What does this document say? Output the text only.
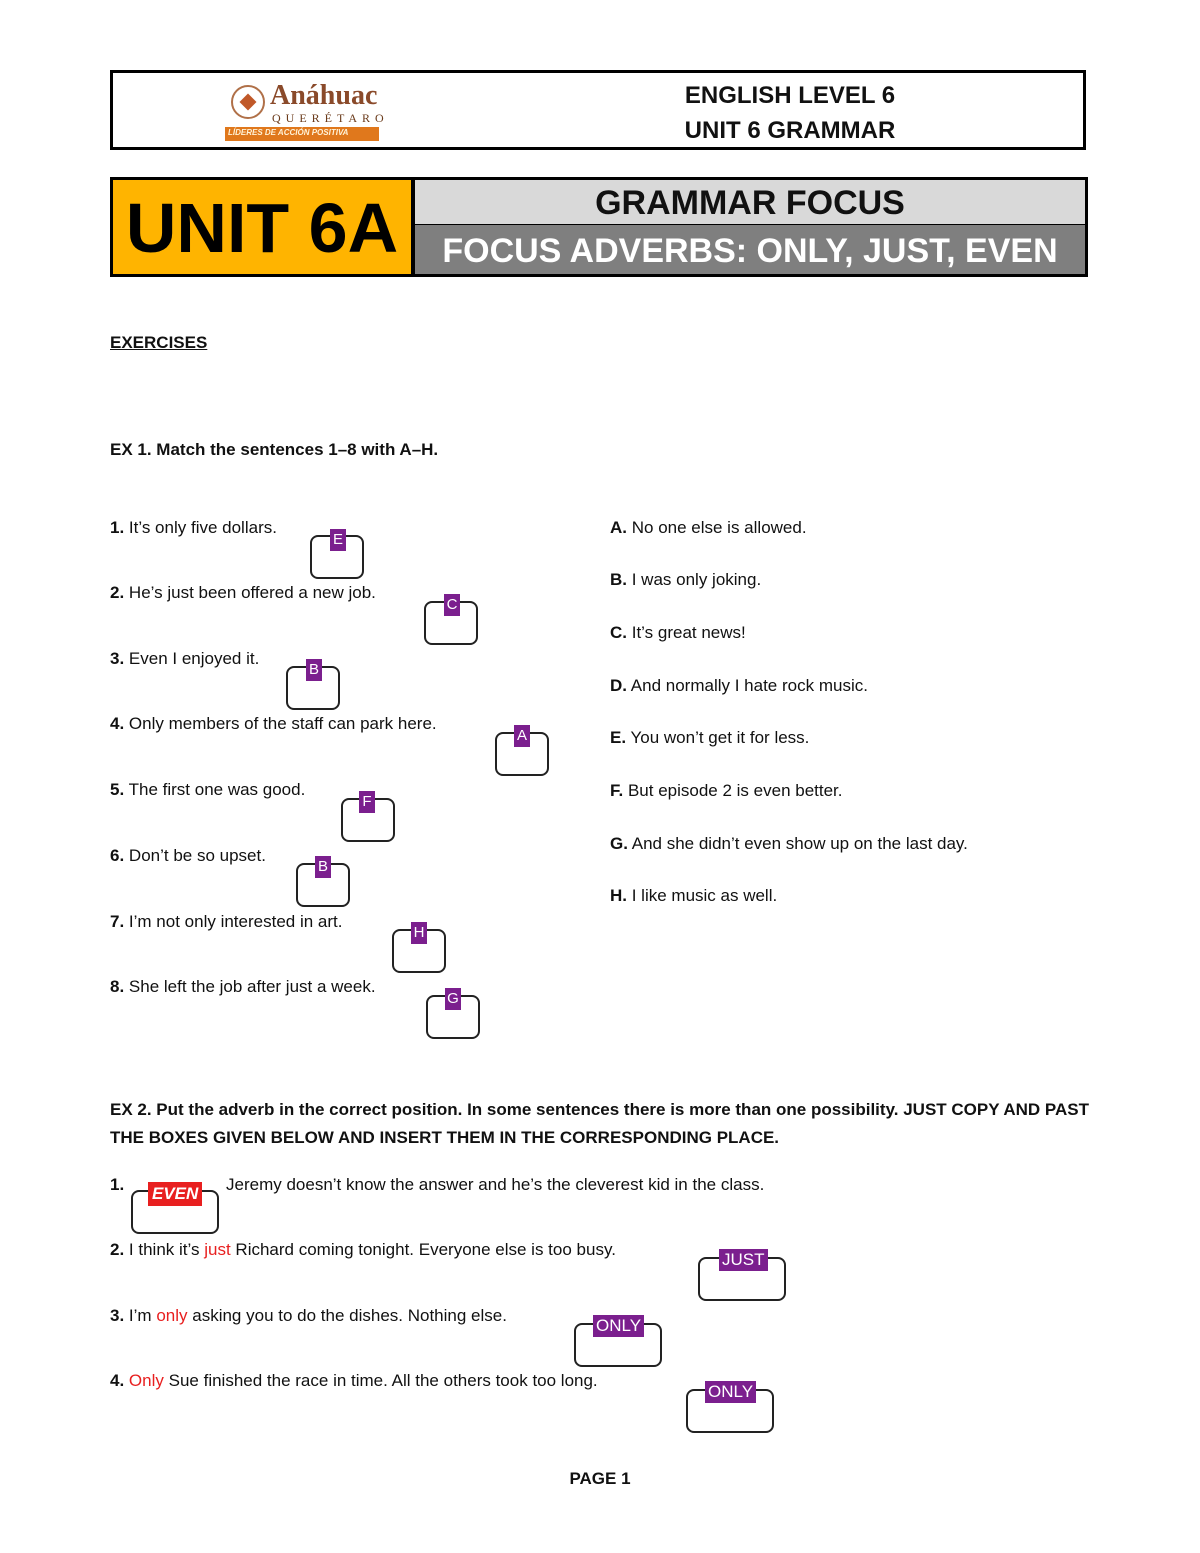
Anáhuac
QUERÉTARO
LÍDERES DE ACCIÓN POSITIVA
ENGLISH LEVEL 6
UNIT 6 GRAMMAR
UNIT 6A	GRAMMAR FOCUS
FOCUS ADVERBS: ONLY, JUST, EVEN
EXERCISES
EX 1. Match the sentences 1–8 with A–H.
1. It’s only five dollars.
E
2. He’s just been offered a new job.
C
3. Even I enjoyed it.
B
4. Only members of the staff can park here.
A
5. The first one was good.
F
6. Don’t be so upset.
B
7. I’m not only interested in art.
H
8. She left the job after just a week.
G
A. No one else is allowed.
B. I was only joking.
C. It’s great news!
D. And normally I hate rock music.
E. You won’t get it for less.
F. But episode 2 is even better.
G. And she didn’t even show up on the last day.
H. I like music as well.
EX 2. Put the adverb in the correct position. In some sentences there is more than one possibility. JUST COPY AND PAST THE BOXES GIVEN BELOW AND INSERT THEM IN THE CORRESPONDING PLACE.
1. EVEN Jeremy doesn’t know the answer and he’s the cleverest kid in the class.
2. I think it’s just Richard coming tonight. Everyone else is too busy.
JUST
3. I’m only asking you to do the dishes. Nothing else.
ONLY
4. Only Sue finished the race in time. All the others took too long.
ONLY
PAGE 1
